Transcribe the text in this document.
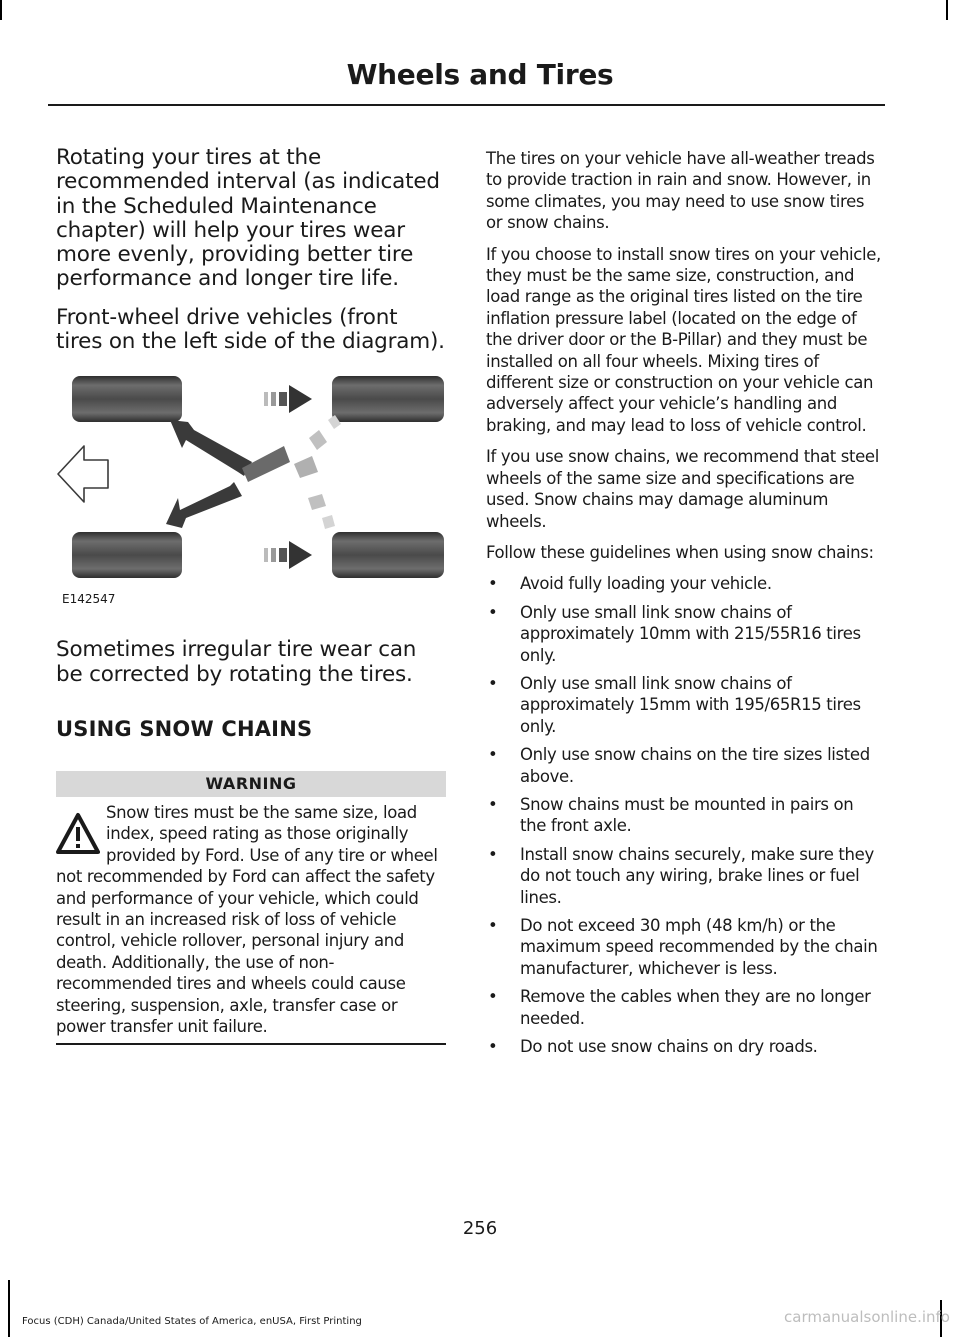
Wheels and Tires

Rotating your tires at the recommended interval (as indicated in the Scheduled Maintenance chapter) will help your tires wear more evenly, providing better tire performance and longer tire life.

Front-wheel drive vehicles (front tires on the left side of the diagram).

E142547

Sometimes irregular tire wear can be corrected by rotating the tires.

USING SNOW CHAINS
WARNING
Snow tires must be the same size, load index, speed rating as those originally provided by Ford. Use of any tire or wheel not recommended by Ford can affect the safety and performance of your vehicle, which could result in an increased risk of loss of vehicle control, vehicle rollover, personal injury and death. Additionally, the use of non-recommended tires and wheels could cause steering, suspension, axle, transfer case or power transfer unit failure.

The tires on your vehicle have all-weather treads to provide traction in rain and snow. However, in some climates, you may need to use snow tires or snow chains.

If you choose to install snow tires on your vehicle, they must be the same size, construction, and load range as the original tires listed on the tire inflation pressure label (located on the edge of the driver door or the B-Pillar) and they must be installed on all four wheels. Mixing tires of different size or construction on your vehicle can adversely affect your vehicle’s handling and braking, and may lead to loss of vehicle control.

If you use snow chains, we recommend that steel wheels of the same size and specifications are used. Snow chains may damage aluminum wheels.

Follow these guidelines when using snow chains:

• Avoid fully loading your vehicle.
• Only use small link snow chains of approximately 10mm with 215/55R16 tires only.
• Only use small link snow chains of approximately 15mm with 195/65R15 tires only.
• Only use snow chains on the tire sizes listed above.
• Snow chains must be mounted in pairs on the front axle.
• Install snow chains securely, make sure they do not touch any wiring, brake lines or fuel lines.
• Do not exceed 30 mph (48 km/h) or the maximum speed recommended by the chain manufacturer, whichever is less.
• Remove the cables when they are no longer needed.
• Do not use snow chains on dry roads.
256
Focus (CDH) Canada/United States of America, enUSA, First Printing	carmanualsonline.info
